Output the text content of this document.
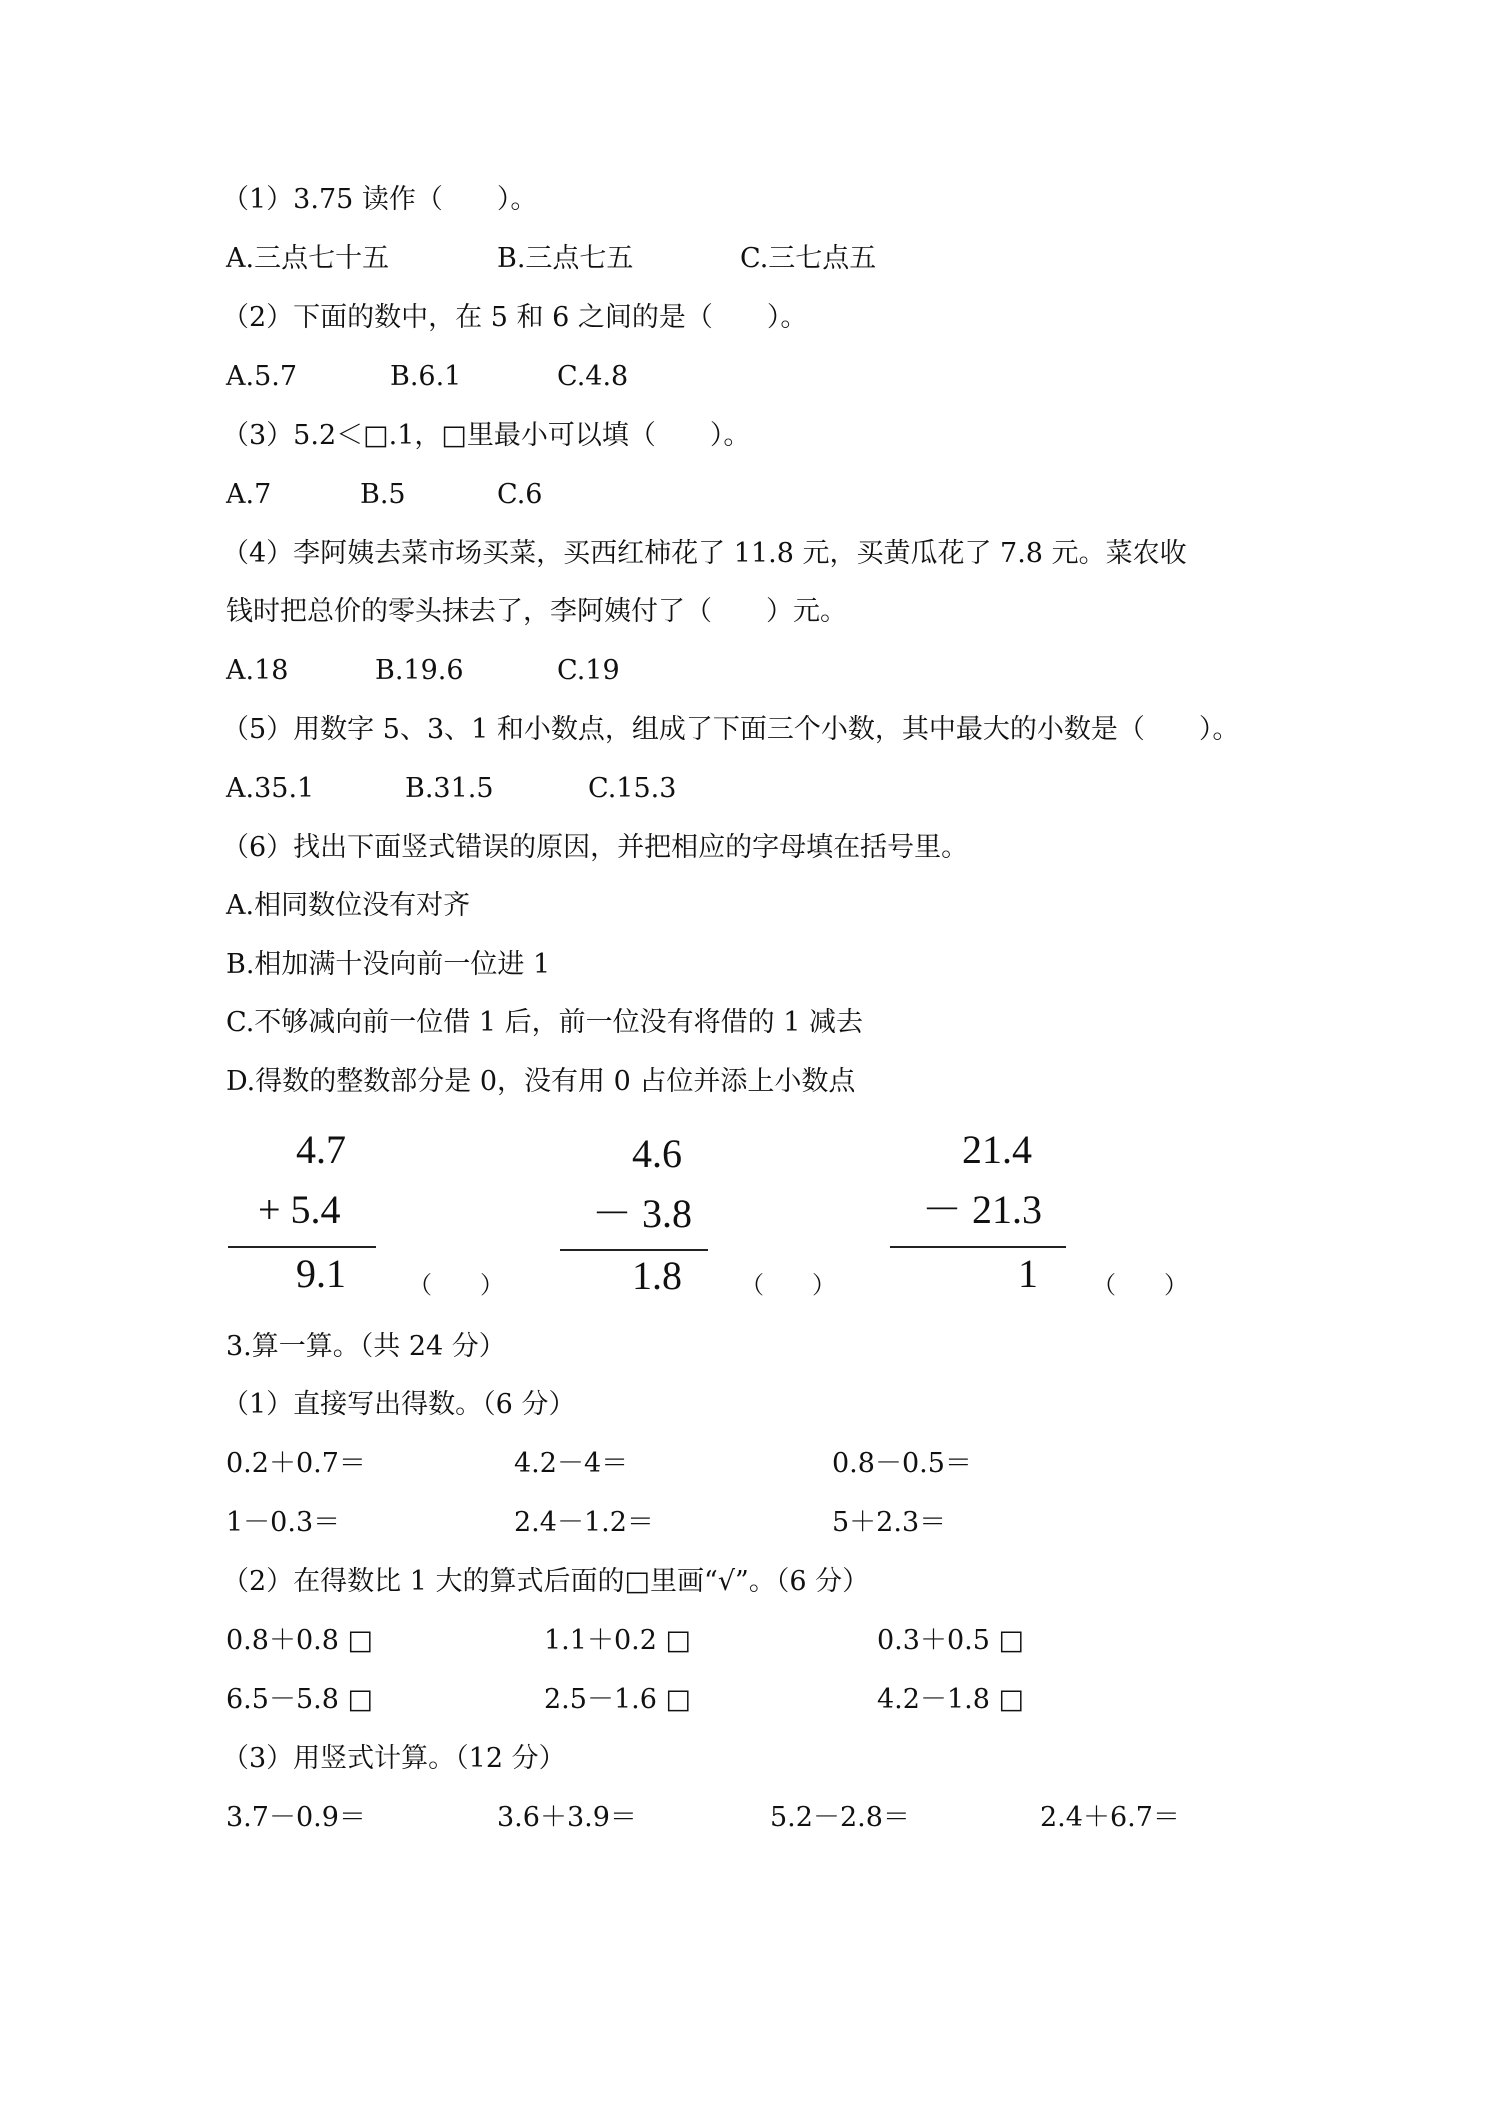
（1）3.75 读作（　　）。
A.三点七十五	B.三点七五	C.三七点五
（2）下面的数中，在 5 和 6 之间的是（　　）。
A.5.7	B.6.1	C.4.8
（3）5.2＜□.1，□里最小可以填（　　）。
A.7	B.5	C.6
（4）李阿姨去菜市场买菜，买西红柿花了 11.8 元，买黄瓜花了 7.8 元。菜农收
钱时把总价的零头抹去了，李阿姨付了（　　）元。
A.18	B.19.6	C.19
（5）用数字 5、3、1 和小数点，组成了下面三个小数，其中最大的小数是（　　）。
A.35.1	B.31.5	C.15.3
（6）找出下面竖式错误的原因，并把相应的字母填在括号里。
A.相同数位没有对齐
B.相加满十没向前一位进 1
C.不够减向前一位借 1 后，前一位没有将借的 1 减去
D.得数的整数部分是 0，没有用 0 占位并添上小数点
4.7
+ 5.4
9.1	（　　）
4.6
－ 3.8
1.8 （　　）
21.4
－ 21.3
1 （　　）
3.算一算。（共 24 分）
（1）直接写出得数。（6 分）
0.2＋0.7＝	4.2－4＝	0.8－0.5＝
1－0.3＝	2.4－1.2＝	5＋2.3＝
（2）在得数比 1 大的算式后面的□里画“√”。（6 分）
0.8＋0.8 □	1.1＋0.2 □	0.3＋0.5 □
6.5－5.8 □	2.5－1.6 □	4.2－1.8 □
（3）用竖式计算。（12 分）
3.7－0.9＝	3.6＋3.9＝	5.2－2.8＝	2.4＋6.7＝
